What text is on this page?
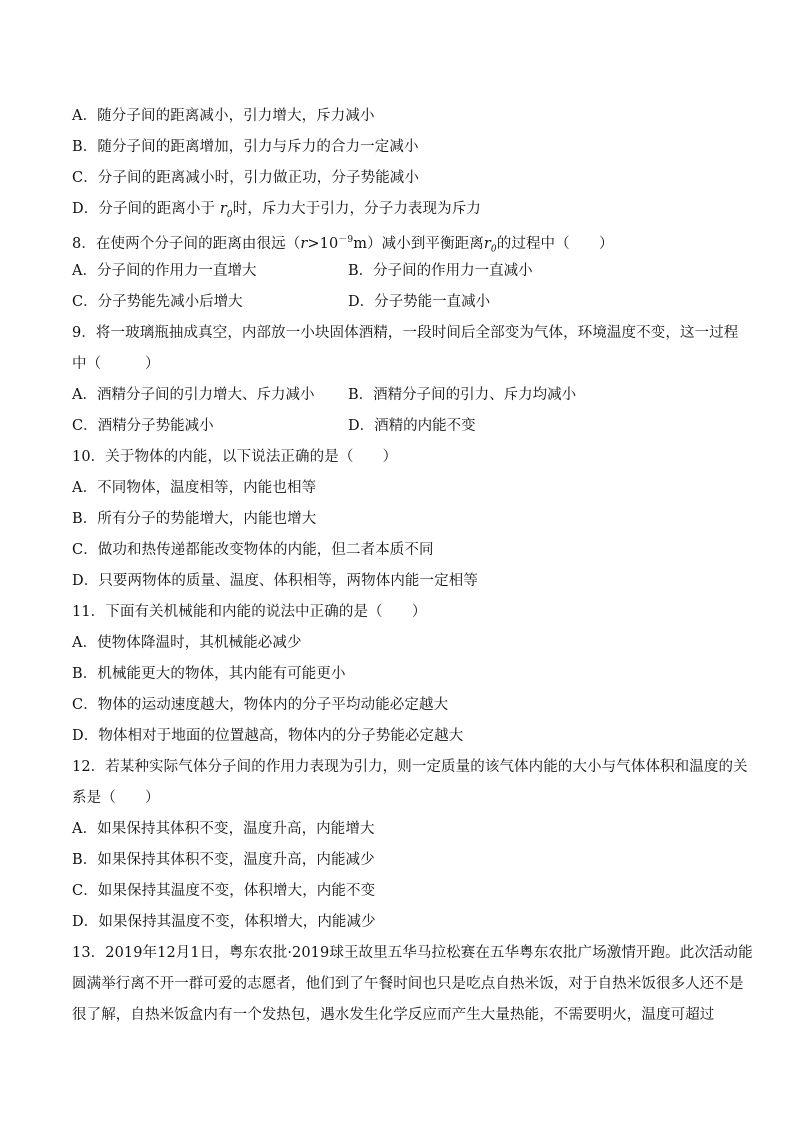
A．随分子间的距离减小，引力增大，斥力减小
B．随分子间的距离增加，引力与斥力的合力一定减小
C．分子间的距离减小时，引力做正功，分子势能减小
D．分子间的距离小于 $r_0$时，斥力大于引力，分子力表现为斥力
8．在使两个分子间的距离由很远$(r>10^{-9}m)$减小到平衡距离$r_0$的过程中（　　）
A．分子间的作用力一直增大	B．分子间的作用力一直减小
C．分子势能先减小后增大	D．分子势能一直减小
9．将一玻璃瓶抽成真空，内部放一小块固体酒精，一段时间后全部变为气体，环境温度不变，这一过程
中（　　　）
A．酒精分子间的引力增大、斥力减小	B．酒精分子间的引力、斥力均减小
C．酒精分子势能减小	D．酒精的内能不变
10．关于物体的内能，以下说法正确的是（　　）
A．不同物体，温度相等，内能也相等
B．所有分子的势能增大，内能也增大
C．做功和热传递都能改变物体的内能，但二者本质不同
D．只要两物体的质量、温度、体积相等，两物体内能一定相等
11．下面有关机械能和内能的说法中正确的是（　　）
A．使物体降温时，其机械能必减少
B．机械能更大的物体，其内能有可能更小
C．物体的运动速度越大，物体内的分子平均动能必定越大
D．物体相对于地面的位置越高，物体内的分子势能必定越大
12．若某种实际气体分子间的作用力表现为引力，则一定质量的该气体内能的大小与气体体积和温度的关
系是（　　）
A．如果保持其体积不变，温度升高，内能增大
B．如果保持其体积不变，温度升高，内能减少
C．如果保持其温度不变，体积增大，内能不变
D．如果保持其温度不变，体积增大，内能减少
13．2019年12月1日，粤东农批·2019球王故里五华马拉松赛在五华粤东农批广场激情开跑。此次活动能
圆满举行离不开一群可爱的志愿者，他们到了午餐时间也只是吃点自热米饭，对于自热米饭很多人还不是
很了解，自热米饭盒内有一个发热包，遇水发生化学反应而产生大量热能，不需要明火，温度可超过
